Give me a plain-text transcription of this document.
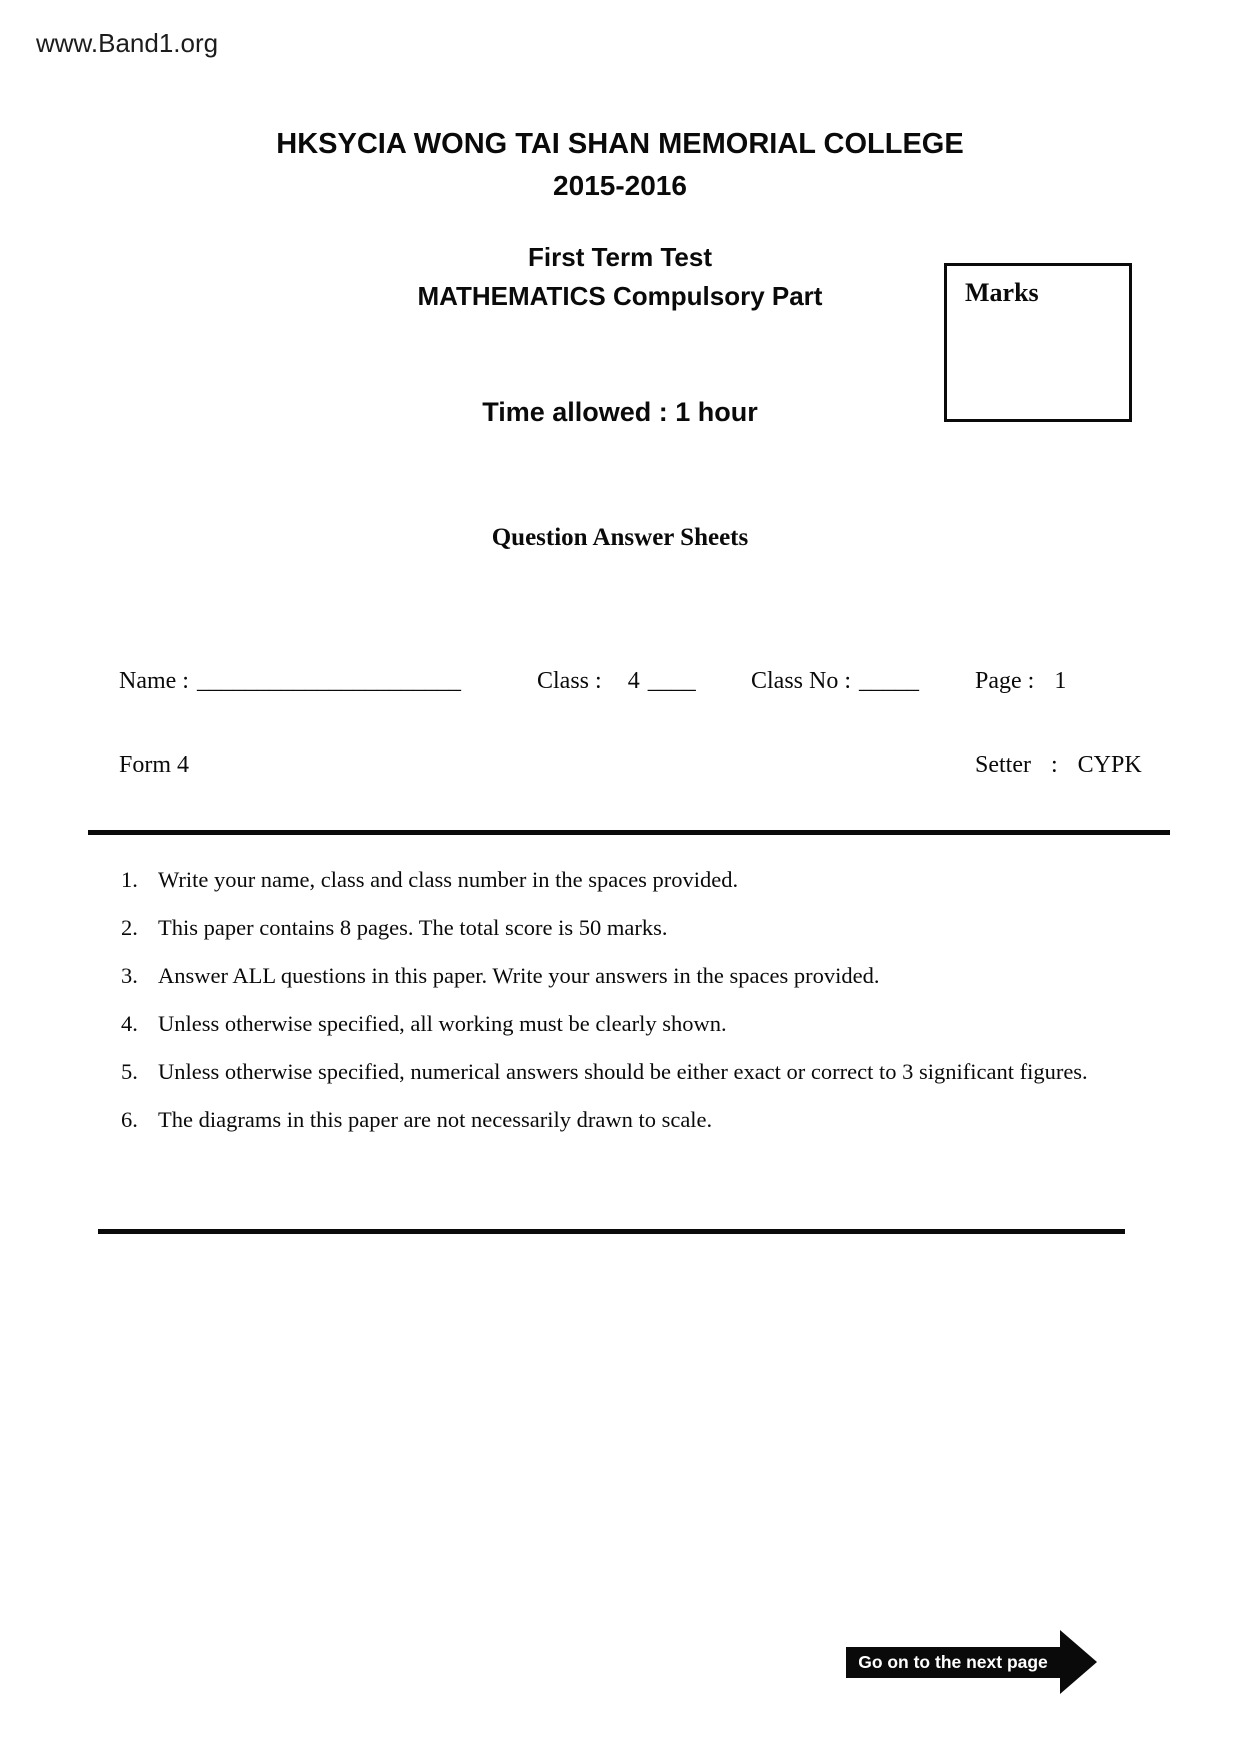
www.Band1.org
HKSYCIA WONG TAI SHAN MEMORIAL COLLEGE
2015-2016
First Term Test
MATHEMATICS Compulsory Part	Marks
Time allowed : 1 hour
Question Answer Sheets
Name : ______________________	Class : 4 ____ Class No : _____ Page : 1
Form 4	Setter : CYPK
1. Write your name, class and class number in the spaces provided.
2. This paper contains 8 pages. The total score is 50 marks.
3. Answer ALL questions in this paper. Write your answers in the spaces provided.
4. Unless otherwise specified, all working must be clearly shown.
5. Unless otherwise specified, numerical answers should be either exact or correct to 3 significant figures.
6. The diagrams in this paper are not necessarily drawn to scale.
Go on to the next page
